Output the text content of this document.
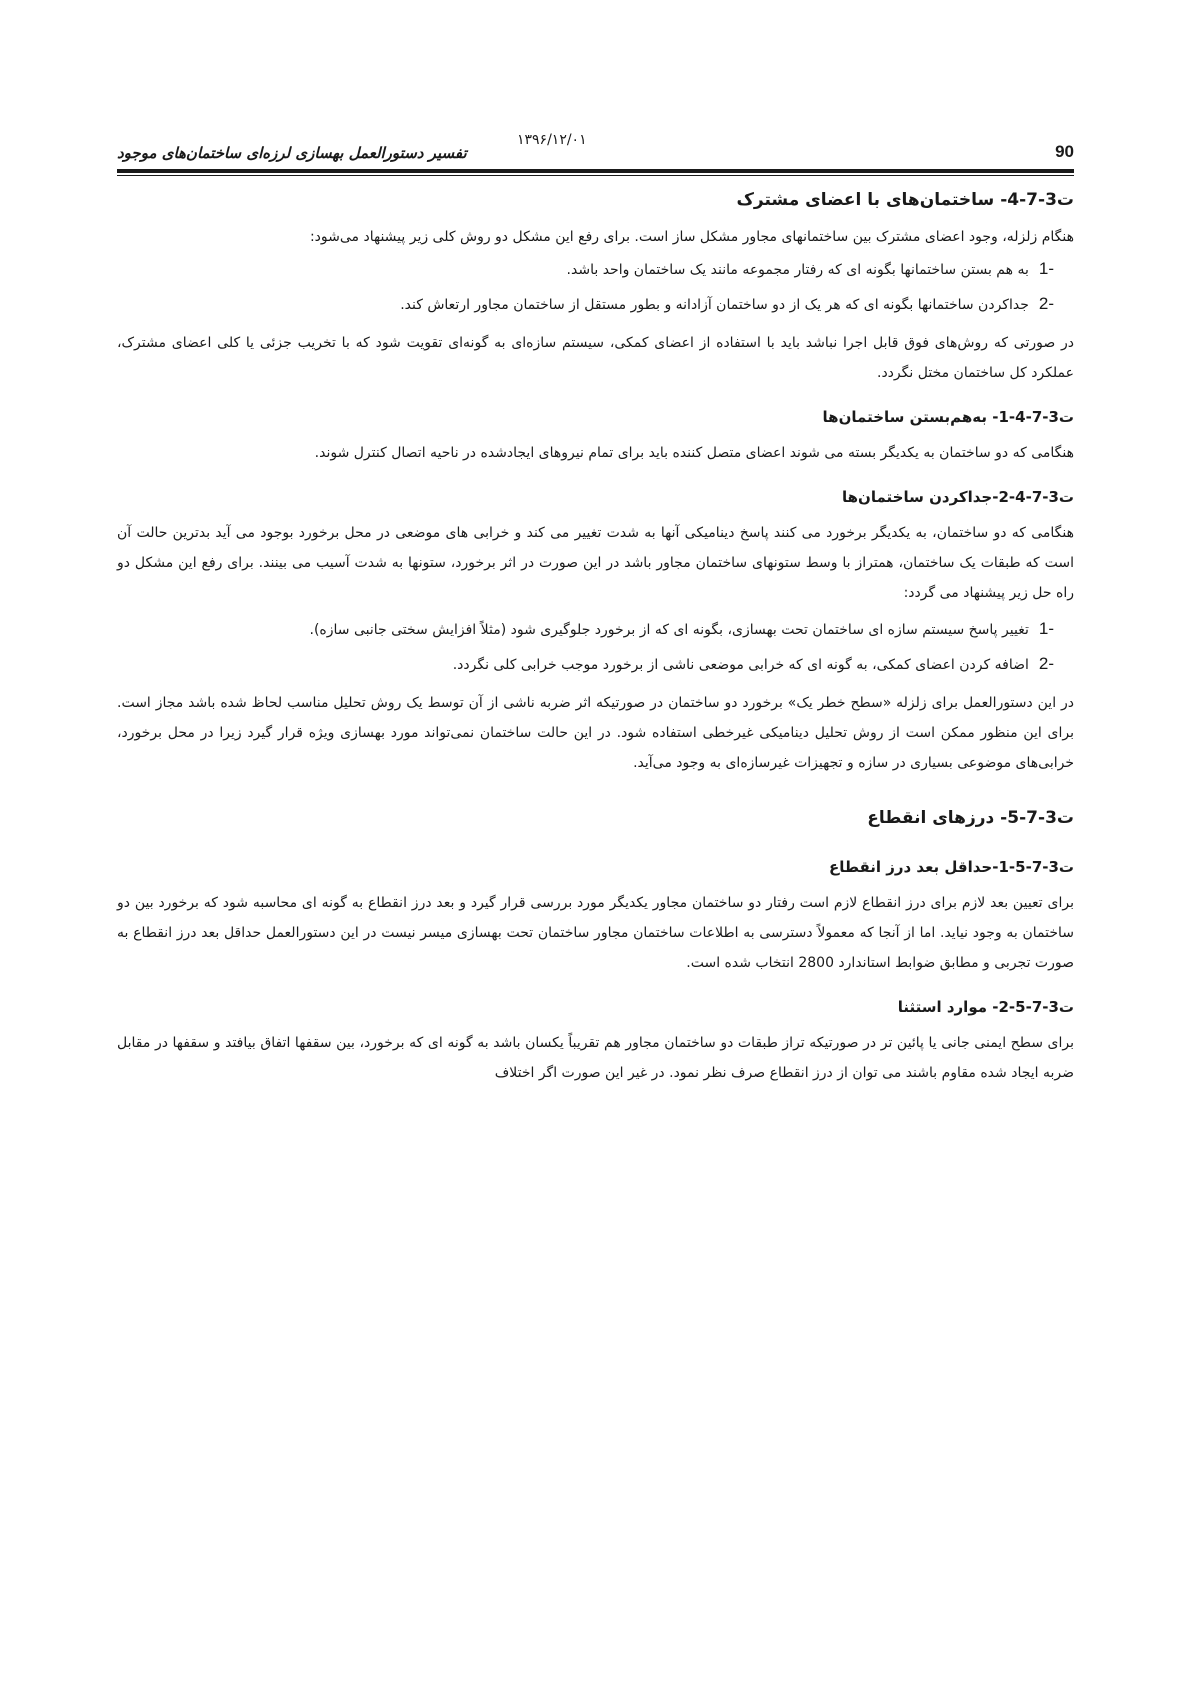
90
۱۳۹۶/۱۲/۰۱
تفسیر دستورالعمل بهسازی لرزه‌ای ساختمان‌های موجود
ت3-7-4- ساختمان‌های با اعضای مشترک

هنگام زلزله، وجود اعضای مشترک بین ساختمانهای مجاور مشکل ساز است. برای رفع این مشکل دو روش کلی زیر پیشنهاد می‌شود:

-1به هم بستن ساختمانها بگونه ای که رفتار مجموعه مانند یک ساختمان واحد باشد.
-2جداکردن ساختمانها بگونه ای که هر یک از دو ساختمان آزادانه و بطور مستقل از ساختمان مجاور ارتعاش کند.

در صورتی که روش‌های فوق قابل اجرا نباشد باید با استفاده از اعضای کمکی، سیستم سازه‌ای به گونه‌ای تقویت شود که با تخریب جزئی یا کلی اعضای مشترک، عملکرد کل ساختمان مختل نگردد.

ت3-7-4-1- به‌هم‌بستن ساختمان‌ها

هنگامی که دو ساختمان به یکدیگر بسته می شوند اعضای متصل کننده باید برای تمام نیروهای ایجادشده در ناحیه اتصال کنترل شوند.

ت3-7-4-2-جداکردن ساختمان‌ها

هنگامی که دو ساختمان، به یکدیگر برخورد می کنند پاسخ دینامیکی آنها به شدت تغییر می کند و خرابی های موضعی در محل برخورد بوجود می آید بدترین حالت آن است که طبقات یک ساختمان، همتراز با وسط ستونهای ساختمان مجاور باشد در این صورت در اثر برخورد، ستونها به شدت آسیب می بینند. برای رفع این مشکل دو راه حل زیر پیشنهاد می گردد:

-1تغییر پاسخ سیستم سازه ای ساختمان تحت بهسازی، بگونه ای که از برخورد جلوگیری شود (مثلاً افزایش سختی جانبی سازه).
-2اضافه کردن اعضای کمکی، به گونه ای که خرابی موضعی ناشی از برخورد موجب خرابی کلی نگردد.

در این دستورالعمل برای زلزله «سطح خطر یک» برخورد دو ساختمان در صورتیکه اثر ضربه ناشی از آن توسط یک روش تحلیل مناسب لحاظ شده باشد مجاز است. برای این منظور ممکن است از روش تحلیل دینامیکی غیرخطی استفاده شود. در این حالت ساختمان نمی‌تواند مورد بهسازی ویژه قرار گیرد زیرا در محل برخورد، خرابی‌های موضوعی بسیاری در سازه و تجهیزات غیرسازه‌ای به وجود می‌آید.

ت3-7-5- درزهای انقطاع
ت3-7-5-1-حداقل بعد درز انقطاع

برای تعیین بعد لازم برای درز انقطاع لازم است رفتار دو ساختمان مجاور یکدیگر مورد بررسی قرار گیرد و بعد درز انقطاع به گونه ای محاسبه شود که برخورد بین دو ساختمان به وجود نیاید. اما از آنجا که معمولاً دسترسی به اطلاعات ساختمان مجاور ساختمان تحت بهسازی میسر نیست در این دستورالعمل حداقل بعد درز انقطاع به صورت تجربی و مطابق ضوابط استاندارد 2800 انتخاب شده است.

ت3-7-5-2- موارد استثنا

برای سطح ایمنی جانی یا پائین تر در صورتیکه تراز طبقات دو ساختمان مجاور هم تقریباً یکسان باشد به گونه ای که برخورد، بین سقفها اتفاق بیافتد و سقفها در مقابل ضربه ایجاد شده مقاوم باشند می توان از درز انقطاع صرف نظر نمود. در غیر این صورت اگر اختلاف
